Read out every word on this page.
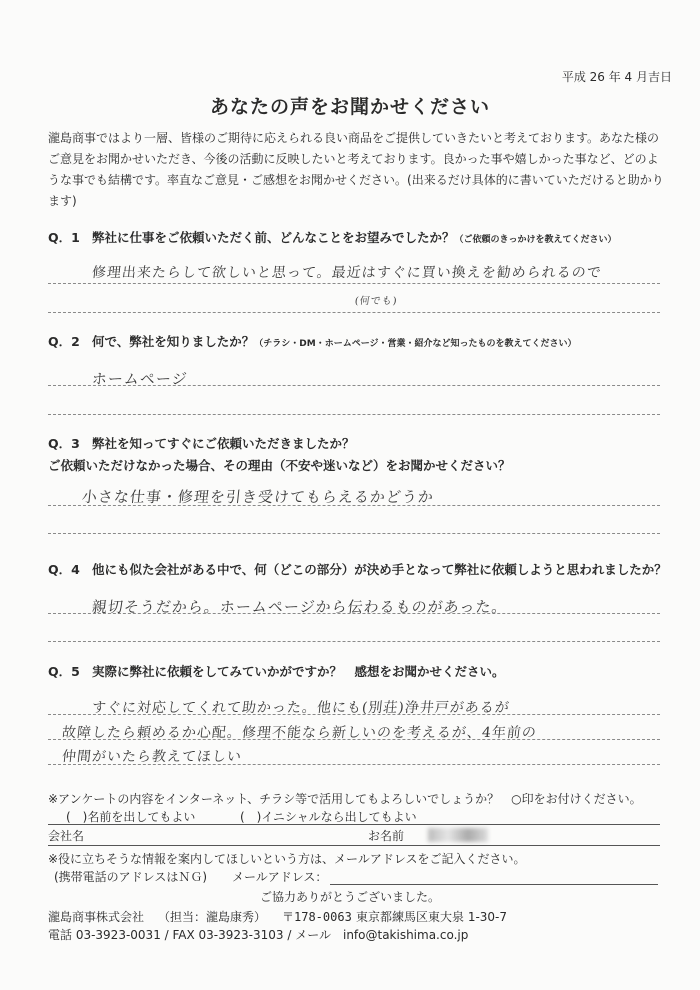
平成 26 年 4 月吉日
あなたの声をお聞かせください
瀧島商事ではより一層、皆様のご期待に応えられる良い商品をご提供していきたいと考えております。あなた様のご意見をお聞かせいただき、今後の活動に反映したいと考えております。良かった事や嬉しかった事など、どのような事でも結構です。率直なご意見・ご感想をお聞かせください。(出来るだけ具体的に書いていただけると助かります)
Q．1 弊社に仕事をご依頼いただく前、どんなことをお望みでしたか？（ご依頼のきっかけを教えてください）
修理出来たらして欲しいと思って。最近はすぐに買い換えを勧められるので
(何でも)
Q．2 何で、弊社を知りましたか？（チラシ・DM・ホームページ・営業・紹介など知ったものを教えてください）
ホームページ
Q．3 弊社を知ってすぐにご依頼いただきましたか？
ご依頼いただけなかった場合、その理由（不安や迷いなど）をお聞かせください？
小さな仕事・修理を引き受けてもらえるかどうか
Q．4 他にも似た会社がある中で、何（どこの部分）が決め手となって弊社に依頼しようと思われましたか？
親切そうだから。ホームページから伝わるものがあった。
Q．5 実際に弊社に依頼をしてみていかがですか？　感想をお聞かせください。
すぐに対応してくれて助かった。他にも(別荘)浄井戸があるが
故障したら頼めるか心配。修理不能なら新しいのを考えるが、4年前の
仲間がいたら教えてほしい
※アンケートの内容をインターネット、チラシ等で活用してもよろしいでしょうか？　○印をお付けください。
(　)名前を出してもよい	(　)イニシャルなら出してもよい
会社名	お名前
※役に立ちそうな情報を案内してほしいという方は、メールアドレスをご記入ください。
(携帯電話のアドレスはＮＧ) メールアドレス：
ご協力ありがとうございました。
瀧島商事株式会社 （担当：瀧島康秀） 〒178-0063 東京都練馬区東大泉 1-30-7
電話 03-3923-0031 / FAX 03-3923-3103 / メール　info@takishima.co.jp
